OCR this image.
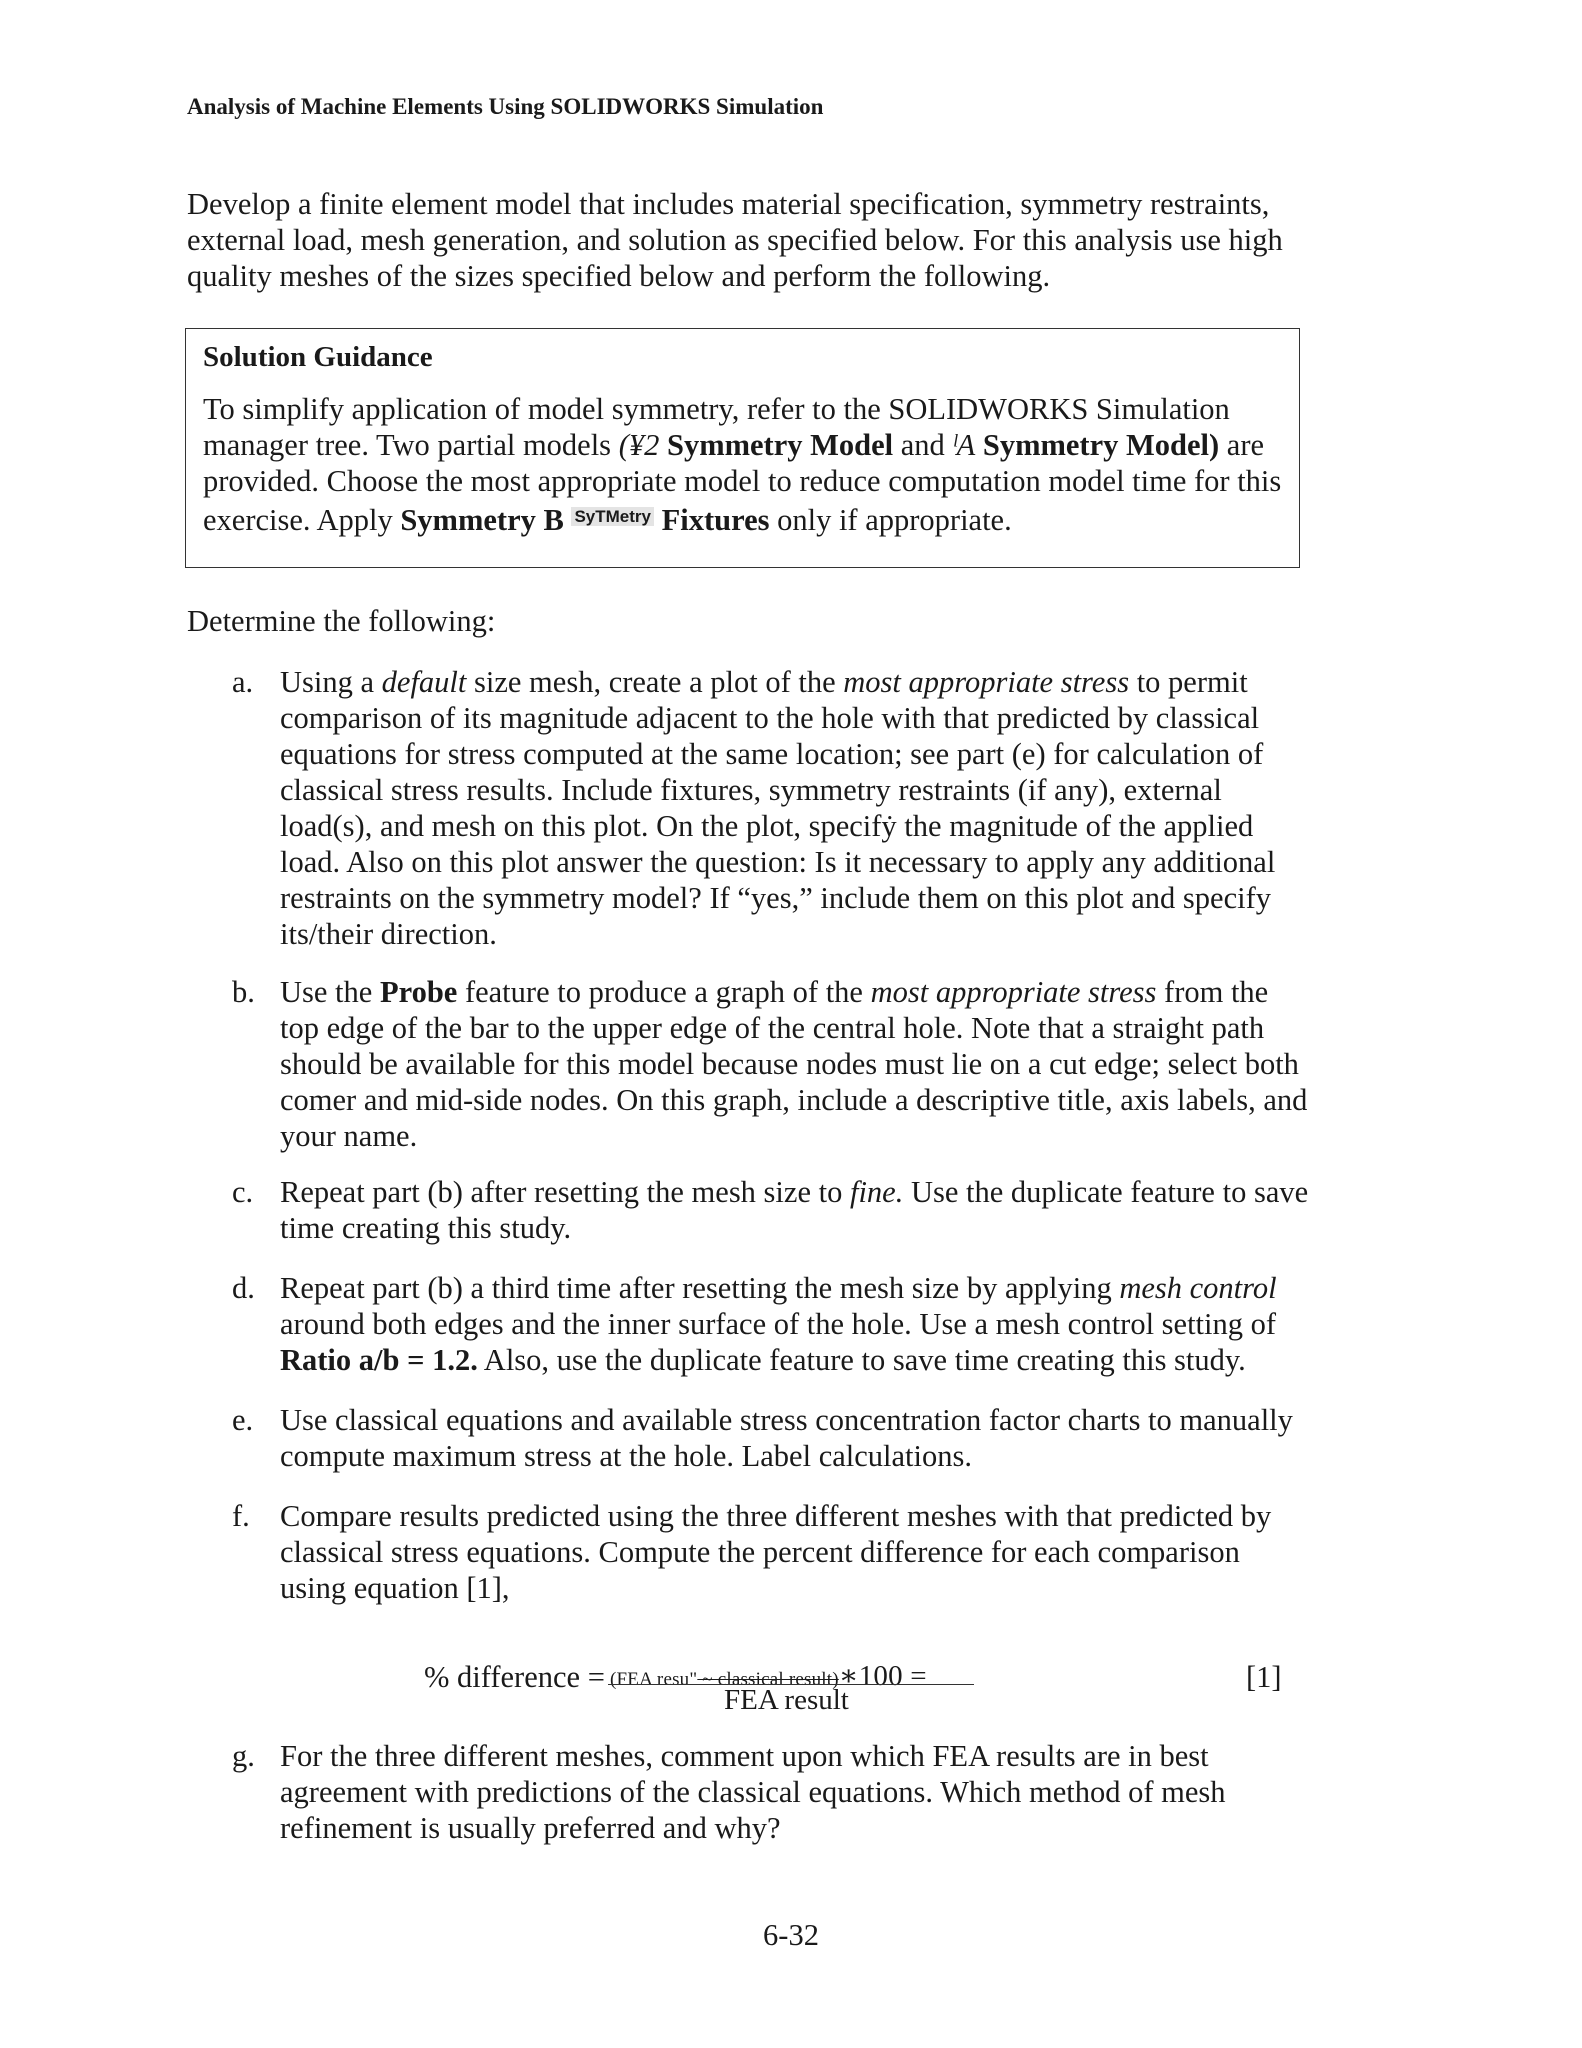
Analysis of Machine Elements Using SOLIDWORKS Simulation
Develop a finite element model that includes material specification, symmetry restraints, external load, mesh generation, and solution as specified below. For this analysis use high quality meshes of the sizes specified below and perform the following.
Solution Guidance
To simplify application of model symmetry, refer to the SOLIDWORKS Simulation manager tree. Two partial models (¥2 Symmetry Model and ˡA Symmetry Model) are provided. Choose the most appropriate model to reduce computation model time for this exercise. Apply Symmetry B $^{SyTMetry}$ Fixtures only if appropriate.
Determine the following:
a. Using a default size mesh, create a plot of the most appropriate stress to permit comparison of its magnitude adjacent to the hole with that predicted by classical equations for stress computed at the same location; see part (e) for calculation of classical stress results. Include fixtures, symmetry restraints (if any), external load(s), and mesh on this plot. On the plot, specifẏ the magnitude of the applied load. Also on this plot answer the question: Is it necessary to apply any additional restraints on the symmetry model? If “yes,” include them on this plot and specify its/their direction.
b. Use the Probe feature to produce a graph of the most appropriate stress from the top edge of the bar to the upper edge of the central hole. Note that a straight path should be available for this model because nodes must lie on a cut edge; select both comer and mid-side nodes. On this graph, include a descriptive title, axis labels, and your name.
c. Repeat part (b) after resetting the mesh size to fine. Use the duplicate feature to save time creating this study.
d. Repeat part (b) a third time after resetting the mesh size by applying mesh control around both edges and the inner surface of the hole. Use a mesh control setting of Ratio a/b = 1.2. Also, use the duplicate feature to save time creating this study.
e. Use classical equations and available stress concentration factor charts to manually compute maximum stress at the hole. Label calculations.
f. Compare results predicted using the three different meshes with that predicted by classical stress equations. Compute the percent difference for each comparison using equation [1],
% difference = (FEA resu" ~ classical result)∗100 =
FEA result
[1]
g. For the three different meshes, comment upon which FEA results are in best agreement with predictions of the classical equations. Which method of mesh refinement is usually preferred and why?
6-32
